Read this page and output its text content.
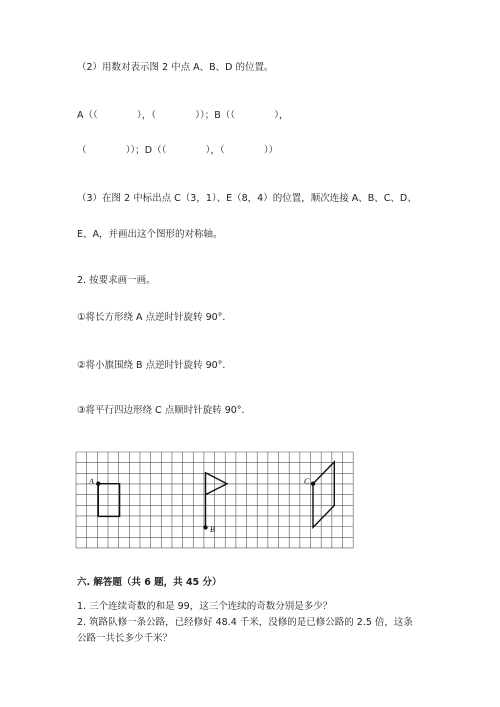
（2）用数对表示图 2 中点 A、B、D 的位置。
A（（             ），（             ））；B（（             ），
（             ））；D（（             ），（             ））
（3）在图 2 中标出点 C（3，1）、E（8，4）的位置，顺次连接 A、B、C、D、
E、A，并画出这个图形的对称轴。
2. 按要求画一画。
①将长方形绕 A 点逆时针旋转 90°．
②将小旗围绕 B 点逆时针旋转 90°．
③将平行四边形绕 C 点顺时针旋转 90°．
A
B
C
六. 解答题（共 6 题，共 45 分）
1. 三个连续奇数的和是 99，这三个连续的奇数分别是多少？
2. 筑路队修一条公路，已经修好 48.4 千米，没修的是已修公路的 2.5 倍，这条
公路一共长多少千米？
